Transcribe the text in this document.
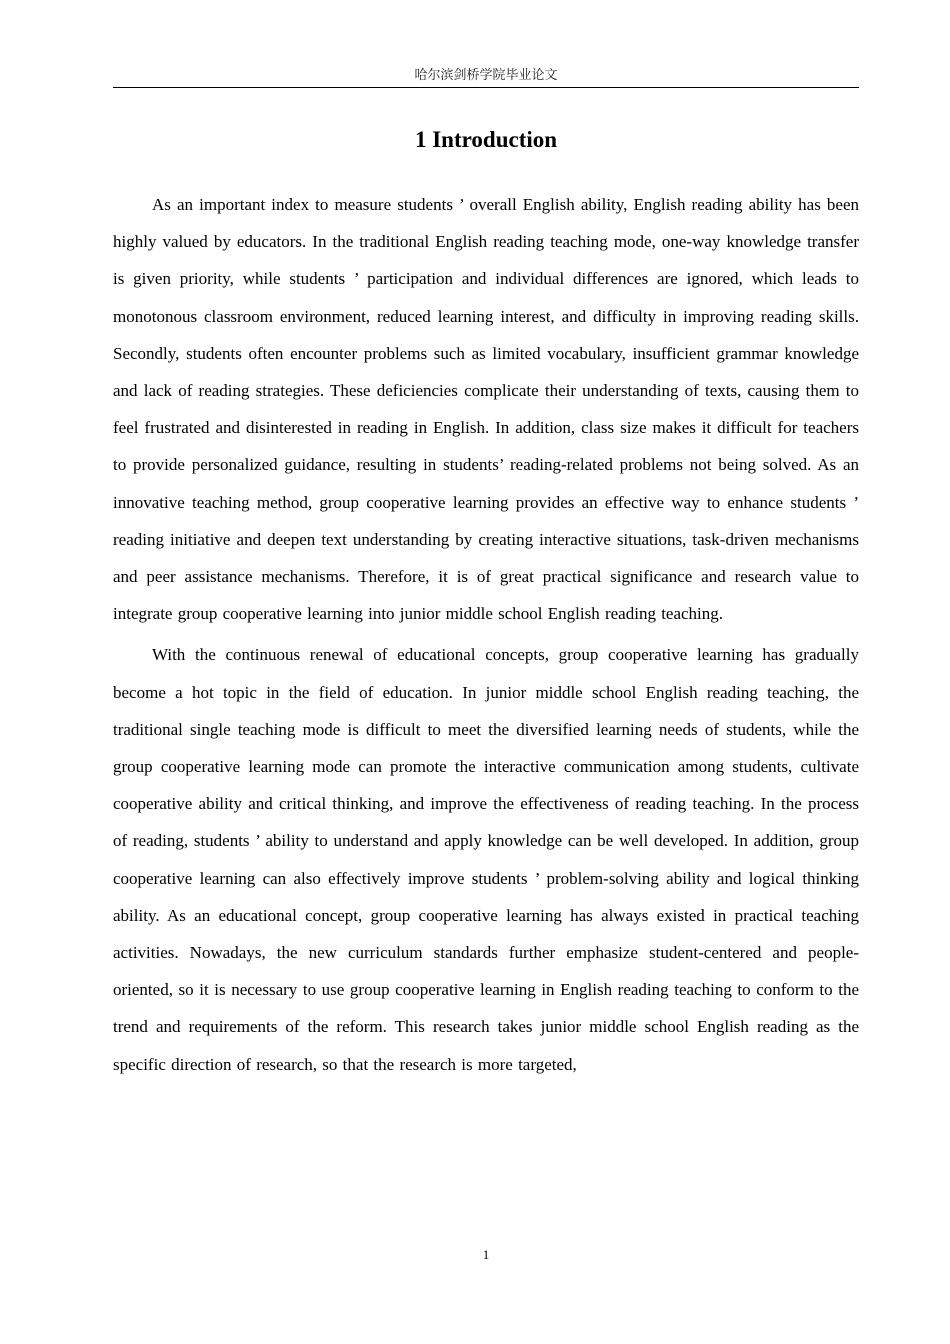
哈尔滨剑桥学院毕业论文
1 Introduction

As an important index to measure students ’ overall English ability, English reading ability has been highly valued by educators. In the traditional English reading teaching mode, one-way knowledge transfer is given priority, while students ’ participation and individual differences are ignored, which leads to monotonous classroom environment, reduced learning interest, and difficulty in improving reading skills. Secondly, students often encounter problems such as limited vocabulary, insufficient grammar knowledge and lack of reading strategies. These deficiencies complicate their understanding of texts, causing them to feel frustrated and disinterested in reading in English. In addition, class size makes it difficult for teachers to provide personalized guidance, resulting in students’ reading-related problems not being solved. As an innovative teaching method, group cooperative learning provides an effective way to enhance students ’ reading initiative and deepen text understanding by creating interactive situations, task-driven mechanisms and peer assistance mechanisms. Therefore, it is of great practical significance and research value to integrate group cooperative learning into junior middle school English reading teaching.

With the continuous renewal of educational concepts, group cooperative learning has gradually become a hot topic in the field of education. In junior middle school English reading teaching, the traditional single teaching mode is difficult to meet the diversified learning needs of students, while the group cooperative learning mode can promote the interactive communication among students, cultivate cooperative ability and critical thinking, and improve the effectiveness of reading teaching. In the process of reading, students ’ ability to understand and apply knowledge can be well developed. In addition, group cooperative learning can also effectively improve students ’ problem-solving ability and logical thinking ability. As an educational concept, group cooperative learning has always existed in practical teaching activities. Nowadays, the new curriculum standards further emphasize student-centered and people-oriented, so it is necessary to use group cooperative learning in English reading teaching to conform to the trend and requirements of the reform. This research takes junior middle school English reading as the specific direction of research, so that the research is more targeted,

1
